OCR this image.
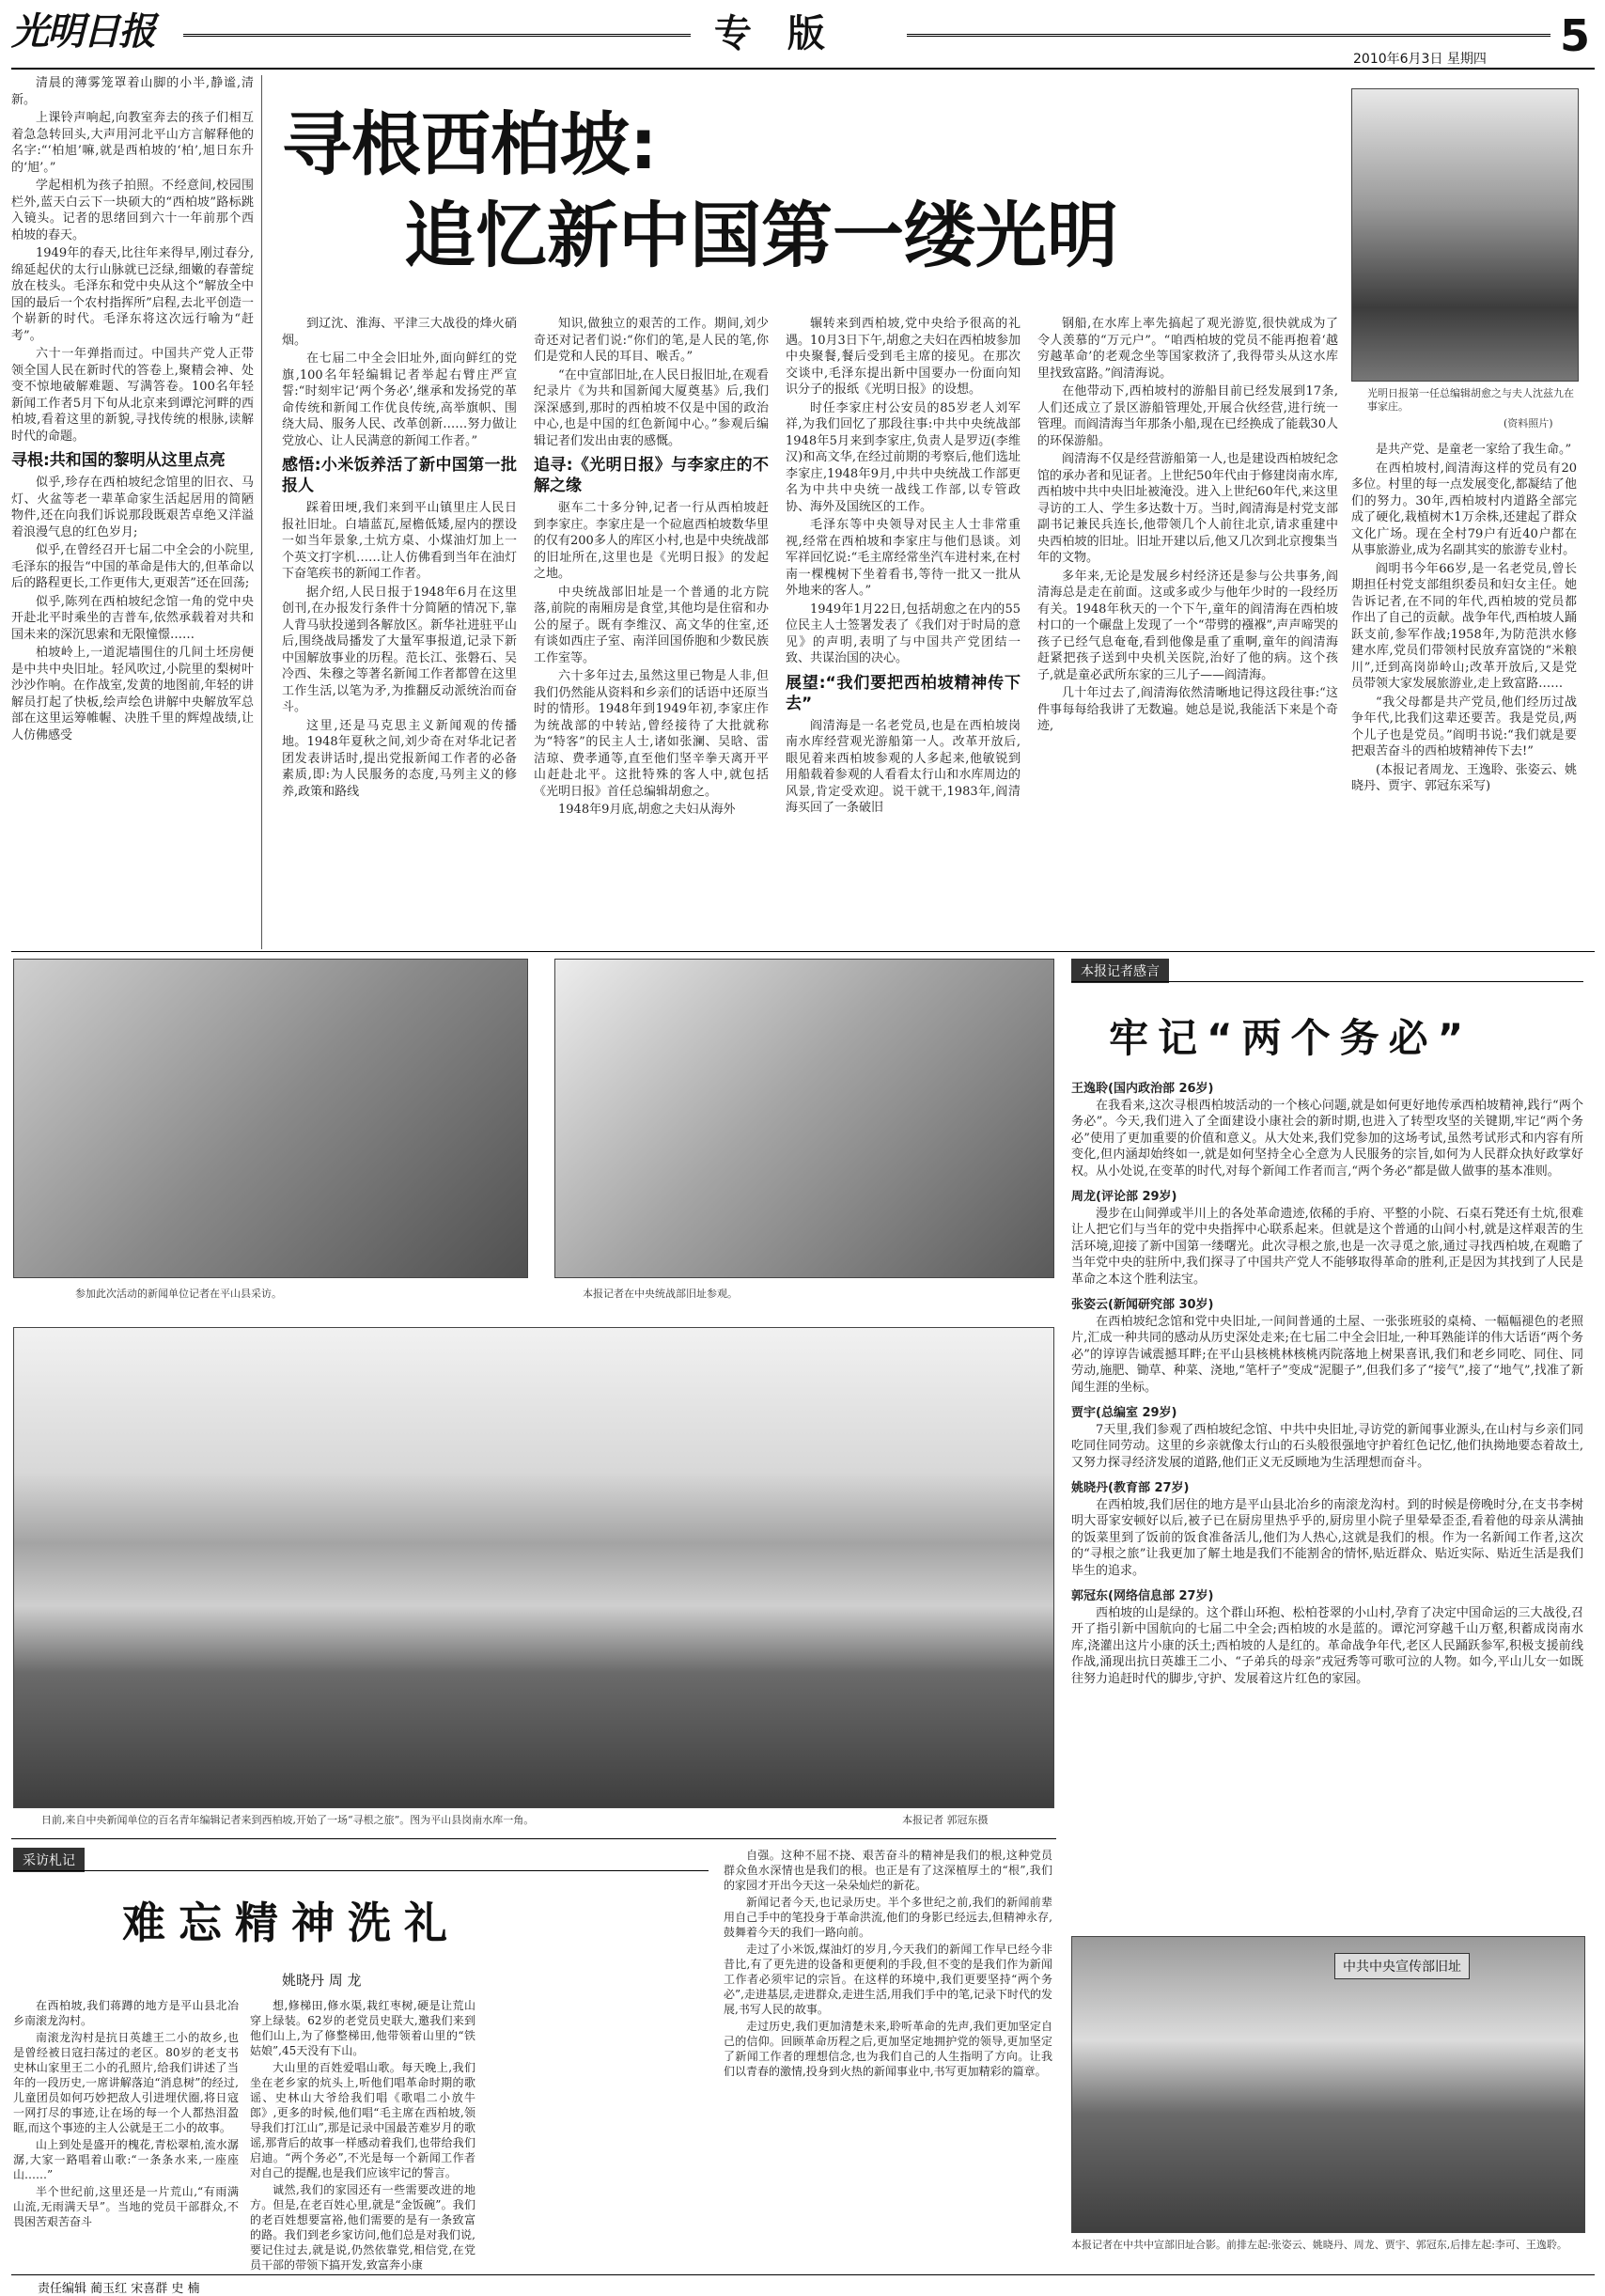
光明日报	专 版
2010年6月3日 星期四 5

清晨的薄雾笼罩着山脚的小半,静谧,清新。

上课铃声响起,向教室奔去的孩子们相互着急急转回头,大声用河北平山方言解释他的名字:“‘柏旭’嘛,就是西柏坡的‘柏’,旭日东升的‘旭’。”

学起相机为孩子拍照。不经意间,校园围栏外,蓝天白云下一块硕大的“西柏坡”路标跳入镜头。记者的思绪回到六十一年前那个西柏坡的春天。

1949年的春天,比往年来得早,刚过春分,绵延起伏的太行山脉就已泛绿,细嫩的春蕾绽放在枝头。毛泽东和党中央从这个“解放全中国的最后一个农村指挥所”启程,去北平创造一个崭新的时代。毛泽东将这次远行喻为“赶考”。

六十一年弹指而过。中国共产党人正带领全国人民在新时代的答卷上,聚精会神、处变不惊地破解难题、写满答卷。100名年轻新闻工作者5月下旬从北京来到谭沱河畔的西柏坡,看着这里的新貌,寻找传统的根脉,读解时代的命题。

寻根:共和国的黎明从这里点亮

似乎,珍存在西柏坡纪念馆里的旧衣、马灯、火盆等老一辈革命家生活起居用的简陋物件,还在向我们诉说那段既艰苦卓绝又洋溢着浪漫气息的红色岁月;

似乎,在曾经召开七届二中全会的小院里,毛泽东的报告“中国的革命是伟大的,但革命以后的路程更长,工作更伟大,更艰苦”还在回荡;

似乎,陈列在西柏坡纪念馆一角的党中央开赴北平时乘坐的吉普车,依然承载着对共和国未来的深沉思索和无限憧憬……

柏坡岭上,一道泥墙围住的几间土坯房便是中共中央旧址。轻风吹过,小院里的梨树叶沙沙作响。在作战室,发黄的地图前,年轻的讲解员打起了快板,绘声绘色讲解中央解放军总部在这里运筹帷幄、决胜千里的辉煌战绩,让人仿佛感受

寻根西柏坡:
追忆新中国第一缕光明
光明日报第一任总编辑胡愈之与夫人沈兹九在事家庄。
(资料照片)

到辽沈、淮海、平津三大战役的烽火硝烟。

在七届二中全会旧址外,面向鲜红的党旗,100名年轻编辑记者举起右臂庄严宣誓:“时刻牢记‘两个务必’,继承和发扬党的革命传统和新闻工作优良传统,高举旗帜、围绕大局、服务人民、改革创新……努力做让党放心、让人民满意的新闻工作者。”

感悟:小米饭养活了新中国第一批报人

踩着田埂,我们来到平山镇里庄人民日报社旧址。白墙蓝瓦,屋檐低矮,屋内的摆设一如当年景象,土炕方桌、小煤油灯加上一个英文打字机……让人仿佛看到当年在油灯下奋笔疾书的新闻工作者。

据介绍,人民日报于1948年6月在这里创刊,在办报发行条件十分简陋的情况下,靠人背马驮投递到各解放区。新华社进驻平山后,围绕战局播发了大量军事报道,记录下新中国解放事业的历程。范长江、张磐石、吴冷西、朱穆之等著名新闻工作者都曾在这里工作生活,以笔为矛,为推翻反动派统治而奋斗。

这里,还是马克思主义新闻观的传播地。1948年夏秋之间,刘少奇在对华北记者团发表讲话时,提出党报新闻工作者的必备素质,即:为人民服务的态度,马列主义的修养,政策和路线

知识,做独立的艰苦的工作。期间,刘少奇还对记者们说:“你们的笔,是人民的笔,你们是党和人民的耳目、喉舌。”

“在中宣部旧址,在人民日报旧址,在观看纪录片《为共和国新闻大厦奠基》后,我们深深感到,那时的西柏坡不仅是中国的政治中心,也是中国的红色新闻中心。”参观后编辑记者们发出由衷的感慨。

追寻:《光明日报》与李家庄的不解之缘

驱车二十多分钟,记者一行从西柏坡赶到李家庄。李家庄是一个砬扈西柏坡数华里的仅有200多人的库区小村,也是中央统战部的旧址所在,这里也是《光明日报》的发起之地。

中央统战部旧址是一个普通的北方院落,前院的南厢房是食堂,其他均是住宿和办公的屋子。既有李维汉、高文华的住室,还有谈如西庄子室、南洋回国侨胞和少数民族工作室等。

六十多年过去,虽然这里已物是人非,但我们仍然能从资料和乡亲们的话语中还原当时的情形。1948年到1949年初,李家庄作为统战部的中转站,曾经接待了大批就称为“特客”的民主人士,诸如张澜、吴晗、雷洁琼、费孝通等,直至他们坚辛拳天离开平山赶赴北平。这批特殊的客人中,就包括《光明日报》首任总编辑胡愈之。

1948年9月底,胡愈之夫妇从海外

辗转来到西柏坡,党中央给予很高的礼遇。10月3日下午,胡愈之夫妇在西柏坡参加中央聚餐,餐后受到毛主席的接见。在那次交谈中,毛泽东提出新中国要办一份面向知识分子的报纸《光明日报》的设想。

时任李家庄村公安员的85岁老人刘军祥,为我们回忆了那段往事:中共中央统战部1948年5月来到李家庄,负责人是罗迈(李维汉)和高文华,在经过前期的考察后,他们选址李家庄,1948年9月,中共中央统战工作部更名为中共中央统一战线工作部,以专管政协、海外及国统区的工作。

毛泽东等中央领导对民主人士非常重视,经常在西柏坡和李家庄与他们恳谈。刘军祥回忆说:“毛主席经常坐汽车进村来,在村南一棵槐树下坐着看书,等待一批又一批从外地来的客人。”

1949年1月22日,包括胡愈之在内的55位民主人士签署发表了《我们对于时局的意见》的声明,表明了与中国共产党团结一致、共谋治国的决心。

展望:“我们要把西柏坡精神传下去”

阎清海是一名老党员,也是在西柏坡岗南水库经营观光游船第一人。改革开放后,眼见着来西柏坡参观的人多起来,他敏锐到用船载着参观的人看看太行山和水库周边的风景,肯定受欢迎。说干就干,1983年,阎清海买回了一条破旧

钢船,在水库上率先搞起了观光游览,很快就成为了令人羡慕的“万元户”。“咱西柏坡的党员不能再抱着‘越穷越革命’的老观念坐等国家救济了,我得带头从这水库里找致富路。”阎清海说。

在他带动下,西柏坡村的游船目前已经发展到17条,人们还成立了景区游船管理处,开展合伙经营,进行统一管理。而阎清海当年那条小船,现在已经换成了能载30人的环保游船。

阎清海不仅是经营游船第一人,也是建设西柏坡纪念馆的承办者和见证者。上世纪50年代由于修建岗南水库,西柏坡中共中央旧址被淹没。进入上世纪60年代,来这里寻访的工人、学生多达数十万。当时,阎清海是村党支部副书记兼民兵连长,他带领几个人前往北京,请求重建中央西柏坡的旧址。旧址开建以后,他又几次到北京搜集当年的文物。

多年来,无论是发展乡村经济还是参与公共事务,阎清海总是走在前面。这或多或少与他年少时的一段经历有关。1948年秋天的一个下午,童年的阎清海在西柏坡村口的一个碾盘上发现了一个“带劈的襁褓”,声声啼哭的孩子已经气息奄奄,看到他像是重了重啊,童年的阎清海赶紧把孩子送到中央机关医院,治好了他的病。这个孩子,就是童必武所东家的三儿子——阎清海。

几十年过去了,阎清海依然清晰地记得这段往事:“这件事每每给我讲了无数遍。她总是说,我能活下来是个奇迹,

是共产党、是童老一家给了我生命。”

在西柏坡村,阎清海这样的党员有20多位。村里的每一点发展变化,都凝结了他们的努力。30年,西柏坡村内道路全部完成了硬化,栽植树木1万余株,还建起了群众文化广场。现在全村79户有近40户都在从事旅游业,成为名副其实的旅游专业村。

阎明书今年66岁,是一名老党员,曾长期担任村党支部组织委员和妇女主任。她告诉记者,在不同的年代,西柏坡的党员都作出了自己的贡献。战争年代,西柏坡人踊跃支前,参军作战;1958年,为防范洪水修建水库,党员们带领村民放弃富饶的“米粮川”,迁到高岗峁岭山;改革开放后,又是党员带领大家发展旅游业,走上致富路……

“我父母都是共产党员,他们经历过战争年代,比我们这辈还要苦。我是党员,两个儿子也是党员。”阎明书说:“我们就是要把艰苦奋斗的西柏坡精神传下去!”

(本报记者周龙、王逸聆、张姿云、姚晓丹、贾宇、郭冠东采写)

参加此次活动的新闻单位记者在平山县采访。	本报记者在中央统战部旧址参观。
日前,来自中央新闻单位的百名青年编辑记者来到西柏坡,开始了一场“寻根之旅”。图为平山县岗南水库一角。	本报记者 郭冠东摄
本报记者感言
牢记“两个务必”
王逸聆(国内政治部 26岁)

在我看来,这次寻根西柏坡活动的一个核心问题,就是如何更好地传承西柏坡精神,践行“两个务必”。今天,我们进入了全面建设小康社会的新时期,也进入了转型攻坚的关键期,牢记“两个务必”使用了更加重要的价值和意义。从大处来,我们党参加的这场考试,虽然考试形式和内容有所变化,但内涵却始终如一,就是如何坚持全心全意为人民服务的宗旨,如何为人民群众执好政掌好权。从小处说,在变革的时代,对每个新闻工作者而言,“两个务必”都是做人做事的基本准则。

周龙(评论部 29岁)

漫步在山间弹或半川上的各处革命遗迹,依稀的手府、平整的小院、石桌石凳还有土炕,很难让人把它们与当年的党中央指挥中心联系起来。但就是这个普通的山间小村,就是这样艰苦的生活环境,迎接了新中国第一缕曙光。此次寻根之旅,也是一次寻觅之旅,通过寻找西柏坡,在观瞻了当年党中央的驻所中,我们探寻了中国共产党人不能够取得革命的胜利,正是因为其找到了人民是革命之本这个胜利法宝。

张姿云(新闻研究部 30岁)

在西柏坡纪念馆和党中央旧址,一间间普通的土屋、一张张班驳的桌椅、一幅幅褪色的老照片,汇成一种共同的感动从历史深处走来;在七届二中全会旧址,一种耳熟能详的伟大话语“两个务必”的谆谆告诫震撼耳畔;在平山县核桃林核桃丙院落地上树果喜讯,我们和老乡同吃、同住、同劳动,施肥、锄草、种菜、浇地,“笔杆子”变成“泥腿子”,但我们多了“接气”,接了“地气”,找准了新闻生涯的坐标。

贾宇(总编室 29岁)

7天里,我们参观了西柏坡纪念馆、中共中央旧址,寻访党的新闻事业源头,在山村与乡亲们同吃同住同劳动。这里的乡亲就像太行山的石头般很强地守护着红色记忆,他们执拗地要态着故土,又努力探寻经济发展的道路,他们正义无反顾地为生活理想而奋斗。

姚晓丹(教育部 27岁)

在西柏坡,我们居住的地方是平山县北冶乡的南滚龙沟村。到的时候是傍晚时分,在支书李树明大哥家安顿好以后,被子已在厨房里热乎乎的,厨房里小院子里晕晕歪歪,看着他的母亲从满抽的饭菜里到了饭前的饭食准备活儿,他们为人热心,这就是我们的根。作为一名新闻工作者,这次的“寻根之旅”让我更加了解土地是我们不能割舍的情怀,贴近群众、贴近实际、贴近生活是我们毕生的追求。

郭冠东(网络信息部 27岁)

西柏坡的山是绿的。这个群山环抱、松柏苍翠的小山村,孕育了决定中国命运的三大战役,召开了指引新中国航向的七届二中全会;西柏坡的水是蓝的。谭沱河穿越千山万壑,积蓄成岗南水库,浇灌出这片小康的沃土;西柏坡的人是红的。革命战争年代,老区人民踊跃参军,积极支援前线作战,涌现出抗日英雄王二小、“子弟兵的母亲”戎冠秀等可歌可泣的人物。如今,平山儿女一如既往努力追赶时代的脚步,守护、发展着这片红色的家园。

采访札记
难忘精神洗礼
姚晓丹 周 龙

在西柏坡,我们蒋蹲的地方是平山县北冶乡南滚龙沟村。

南滚龙沟村是抗日英雄王二小的故乡,也是曾经被日寇扫荡过的老区。80岁的老支书史林山家里王二小的孔照片,给我们讲述了当年的一段历史,一席讲解落迫“消息树”的经过,儿童团员如何巧妙把敌人引进埋伏圈,将日寇一网打尽的事迹,让在场的每一个人都热泪盈眶,而这个事迹的主人公就是王二小的故事。

山上到处是盛开的槐花,青松翠柏,流水潺潺,大家一路唱着山歌:“一条条水来,一座座山……”

半个世纪前,这里还是一片荒山,“有雨满山流,无雨满天旱”。当地的党员干部群众,不畏困苦艰苦奋斗

想,修梯田,修水渠,栽红枣树,硬是让荒山穿上绿装。62岁的老党员史联大,邀我们来到他们山上,为了修整梯田,他带领着山里的“铁姑娘”,45天没有下山。

大山里的百姓爱唱山歌。每天晚上,我们坐在老乡家的炕头上,听他们唱革命时期的歌谣、史林山大爷给我们唱《歌唱二小放牛郎》,更多的时候,他们唱“毛主席在西柏坡,领导我们打江山”,那是记录中国最苦难岁月的歌谣,那背后的故事一样感动着我们,也带给我们启迪。“两个务必”,不光是每一个新闻工作者对自己的提醒,也是我们应该牢记的誓言。

诚然,我们的家园还有一些需要改进的地方。但是,在老百姓心里,就是“金饭碗”。我们的老百姓想要富裕,他们需要的是有一条致富的路。我们到老乡家访问,他们总是对我们说,要记住过去,就是说,仍然依靠党,相信党,在党员干部的带领下搞开发,致富奔小康

自强。这种不屈不挠、艰苦奋斗的精神是我们的根,这种党员群众鱼水深情也是我们的根。也正是有了这深植厚土的“根”,我们的家园才开出今天这一朵朵灿烂的新花。

新闻记者今天,也记录历史。半个多世纪之前,我们的新闻前辈用自己手中的笔投身于革命洪流,他们的身影已经远去,但精神永存,鼓舞着今天的我们一路向前。

走过了小米饭,煤油灯的岁月,今天我们的新闻工作早已经今非昔比,有了更先进的设备和更便利的手段,但不变的是我们作为新闻工作者必须牢记的宗旨。在这样的环境中,我们更要坚持“两个务必”,走进基层,走进群众,走进生活,用我们手中的笔,记录下时代的发展,书写人民的故事。

走过历史,我们更加清楚未来,聆听革命的先声,我们更加坚定自己的信仰。回顾革命历程之后,更加坚定地拥护党的领导,更加坚定了新闻工作者的理想信念,也为我们自己的人生指明了方向。让我们以青春的激情,投身到火热的新闻事业中,书写更加精彩的篇章。

中共中央宣传部旧址
本报记者在中共中宣部旧址合影。前排左起:张姿云、姚晓丹、周龙、贾宇、郭冠东,后排左起:李可、王逸聆。
责任编辑 蔺玉红 宋喜群 史 楠
